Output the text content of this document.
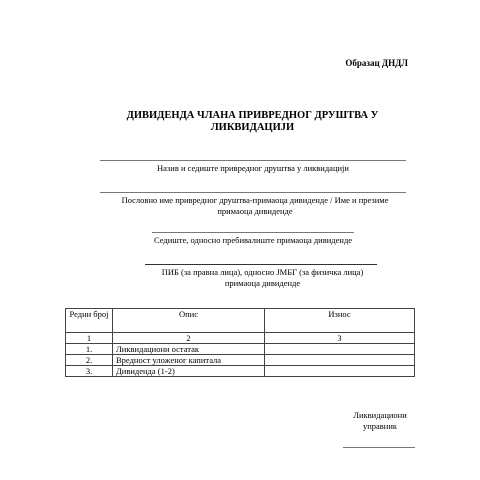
Образац ДНДЛ
ДИВИДЕНДА ЧЛАНА ПРИВРЕДНОГ ДРУШТВА У ЛИКВИДАЦИЈИ
Назив и седиште привредног друштва у ликвидацији
Пословно име привредног друштва-примаоца дивиденде / Име и презиме примаоца дивиденде
Седиште, односно пребивалиште примаоца дивиденде
ПИБ (за правна лица), односно ЈМБГ (за физичка лица) примаоца дивиденде
Редни број	Опис	Износ
1	2	3
1.	Ликвидациони остатак	
2.	Вредност уложеног капитала	
3.	Дивиденда (1-2)	
Ликвидациони управник
